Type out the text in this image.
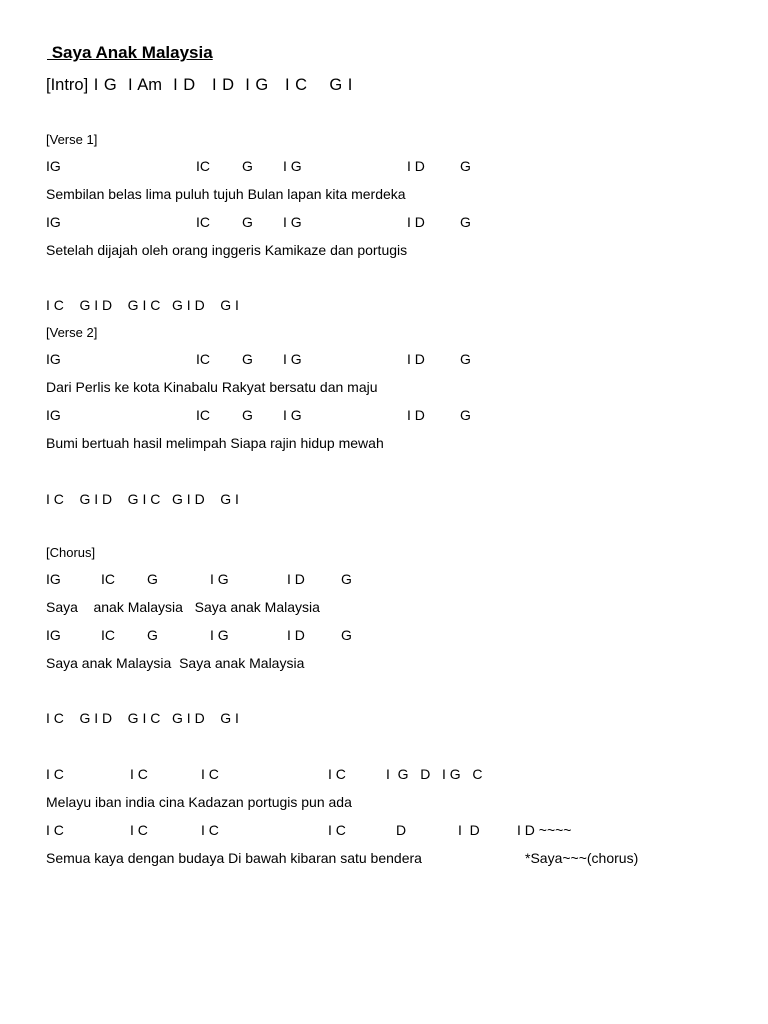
Saya Anak Malaysia
[Intro] I G  I Am  I D   I D  I G   I C    G I
[Verse 1]
IG	IC G I G	I D	G
Sembilan belas lima puluh tujuh Bulan lapan kita merdeka
IG	IC G I G	I D	G
Setelah dijajah oleh orang inggeris Kamikaze dan portugis
I C    G I D    G I C   G I D    G I
[Verse 2]
IG	IC G I G	I D	G
Dari Perlis ke kota Kinabalu Rakyat bersatu dan maju
IG	IC G I G	I D	G
Bumi bertuah hasil melimpah Siapa rajin hidup mewah
I C    G I D    G I C   G I D    G I
[Chorus]
IG	IC G	I G	I D	G
Saya    anak Malaysia   Saya anak Malaysia
IG	IC G	I G	I D	G
Saya anak Malaysia  Saya anak Malaysia
I C    G I D    G I C   G I D    G I
I C	I C	I C	I C	I  G   D   I G   C
Melayu iban india cina Kadazan portugis pun ada
I C	I C	I C	I C	D	I  D	I D ~~~~
Semua kaya dengan budaya Di bawah kibaran satu bendera	*Saya~~~(chorus)
